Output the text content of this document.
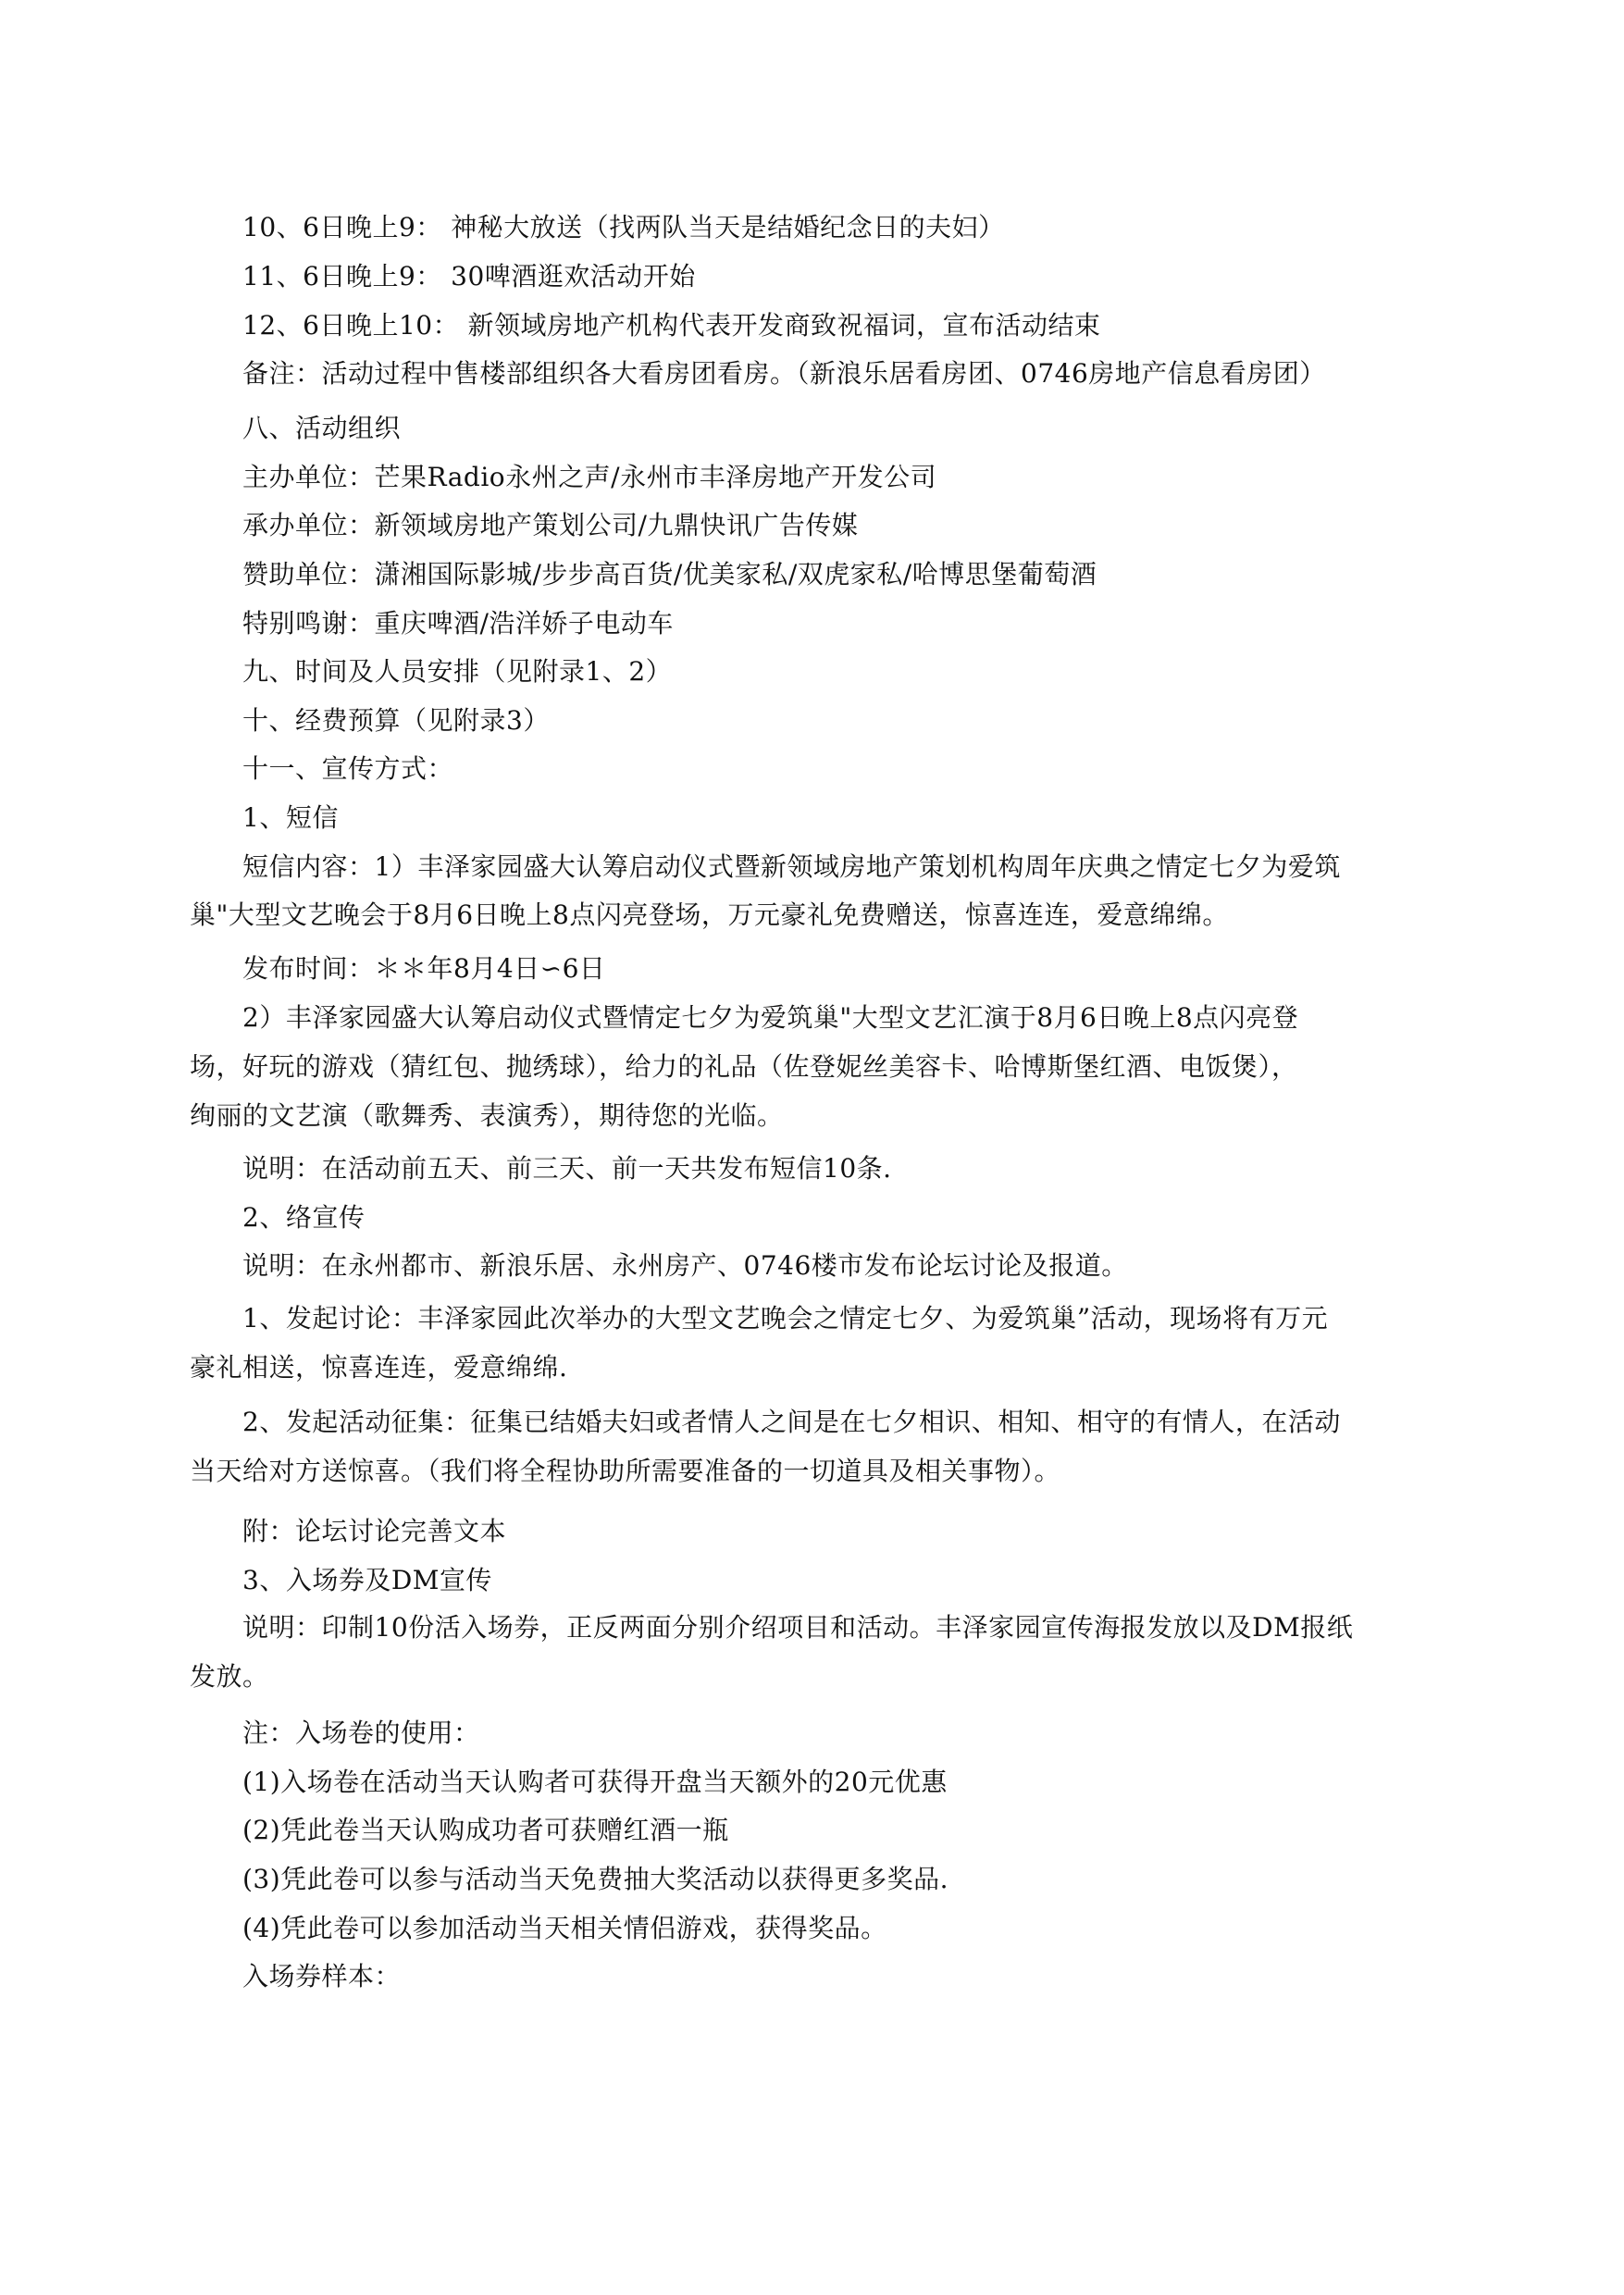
10、6日晚上9： 神秘大放送（找两队当天是结婚纪念日的夫妇）
11、6日晚上9： 30啤酒逛欢活动开始
12、6日晚上10： 新领域房地产机构代表开发商致祝福词，宣布活动结束
备注：活动过程中售楼部组织各大看房团看房。（新浪乐居看房团、0746房地产信息看房团）
八、活动组织
主办单位：芒果Radio永州之声/永州市丰泽房地产开发公司
承办单位：新领域房地产策划公司/九鼎快讯广告传媒
赞助单位：潇湘国际影城/步步高百货/优美家私/双虎家私/哈博思堡葡萄酒
特别鸣谢：重庆啤酒/浩洋娇子电动车
九、时间及人员安排（见附录1、2）
十、经费预算（见附录3）
十一、宣传方式：
1、短信
短信内容：1）丰泽家园盛大认筹启动仪式暨新领域房地产策划机构周年庆典之情定七夕为爱筑
巢"大型文艺晚会于8月6日晚上8点闪亮登场，万元豪礼免费赠送，惊喜连连，爱意绵绵。
发布时间：＊＊年8月4日∽6日
2）丰泽家园盛大认筹启动仪式暨情定七夕为爱筑巢"大型文艺汇演于8月6日晚上8点闪亮登
场，好玩的游戏（猜红包、抛绣球），给力的礼品（佐登妮丝美容卡、哈博斯堡红酒、电饭煲），
绚丽的文艺演（歌舞秀、表演秀），期待您的光临。
说明：在活动前五天、前三天、前一天共发布短信10条.
2、络宣传
说明：在永州都市、新浪乐居、永州房产、0746楼市发布论坛讨论及报道。
1、发起讨论：丰泽家园此次举办的大型文艺晚会之情定七夕、为爱筑巢”活动，现场将有万元
豪礼相送，惊喜连连，爱意绵绵.
2、发起活动征集：征集已结婚夫妇或者情人之间是在七夕相识、相知、相守的有情人，在活动
当天给对方送惊喜。（我们将全程协助所需要准备的一切道具及相关事物）。
附：论坛讨论完善文本
3、入场券及DM宣传
说明：印制10份活入场券，正反两面分别介绍项目和活动。丰泽家园宣传海报发放以及DM报纸
发放。
注：入场卷的使用：
(1)入场卷在活动当天认购者可获得开盘当天额外的20元优惠
(2)凭此卷当天认购成功者可获赠红酒一瓶
(3)凭此卷可以参与活动当天免费抽大奖活动以获得更多奖品.
(4)凭此卷可以参加活动当天相关情侣游戏，获得奖品。
入场券样本：
